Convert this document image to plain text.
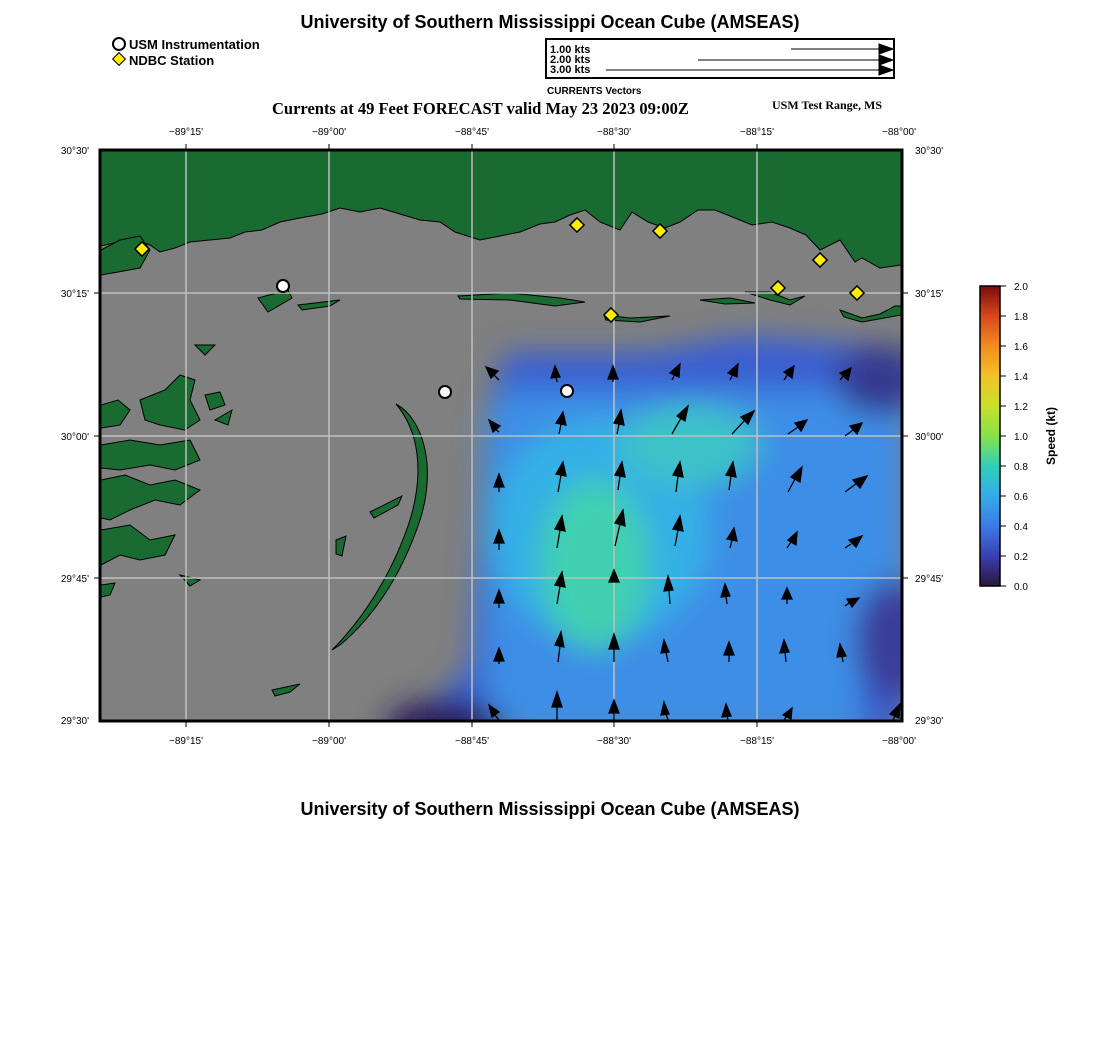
University of Southern Mississippi Ocean Cube (AMSEAS)
USM Instrumentation
NDBC Station
1.00 kts
2.00 kts
3.00 kts
CURRENTS Vectors
Currents at 49 Feet FORECAST valid May 23 2023 09:00Z	USM Test Range, MS
−89°15'	−89°00'	−88°45'	−88°30'	−88°15'	−88°00'
−89°15'	−89°00'	−88°45'	−88°30'	−88°15'	−88°00'
30°30'
30°15'
30°00'
29°45'
29°30'
30°30'
30°15'
30°00'
29°45'
29°30'
2.0
1.8
1.6
1.4
1.2
1.0
0.8
0.6
0.4
0.2
0.0
Speed (kt)
University of Southern Mississippi Ocean Cube (AMSEAS)
